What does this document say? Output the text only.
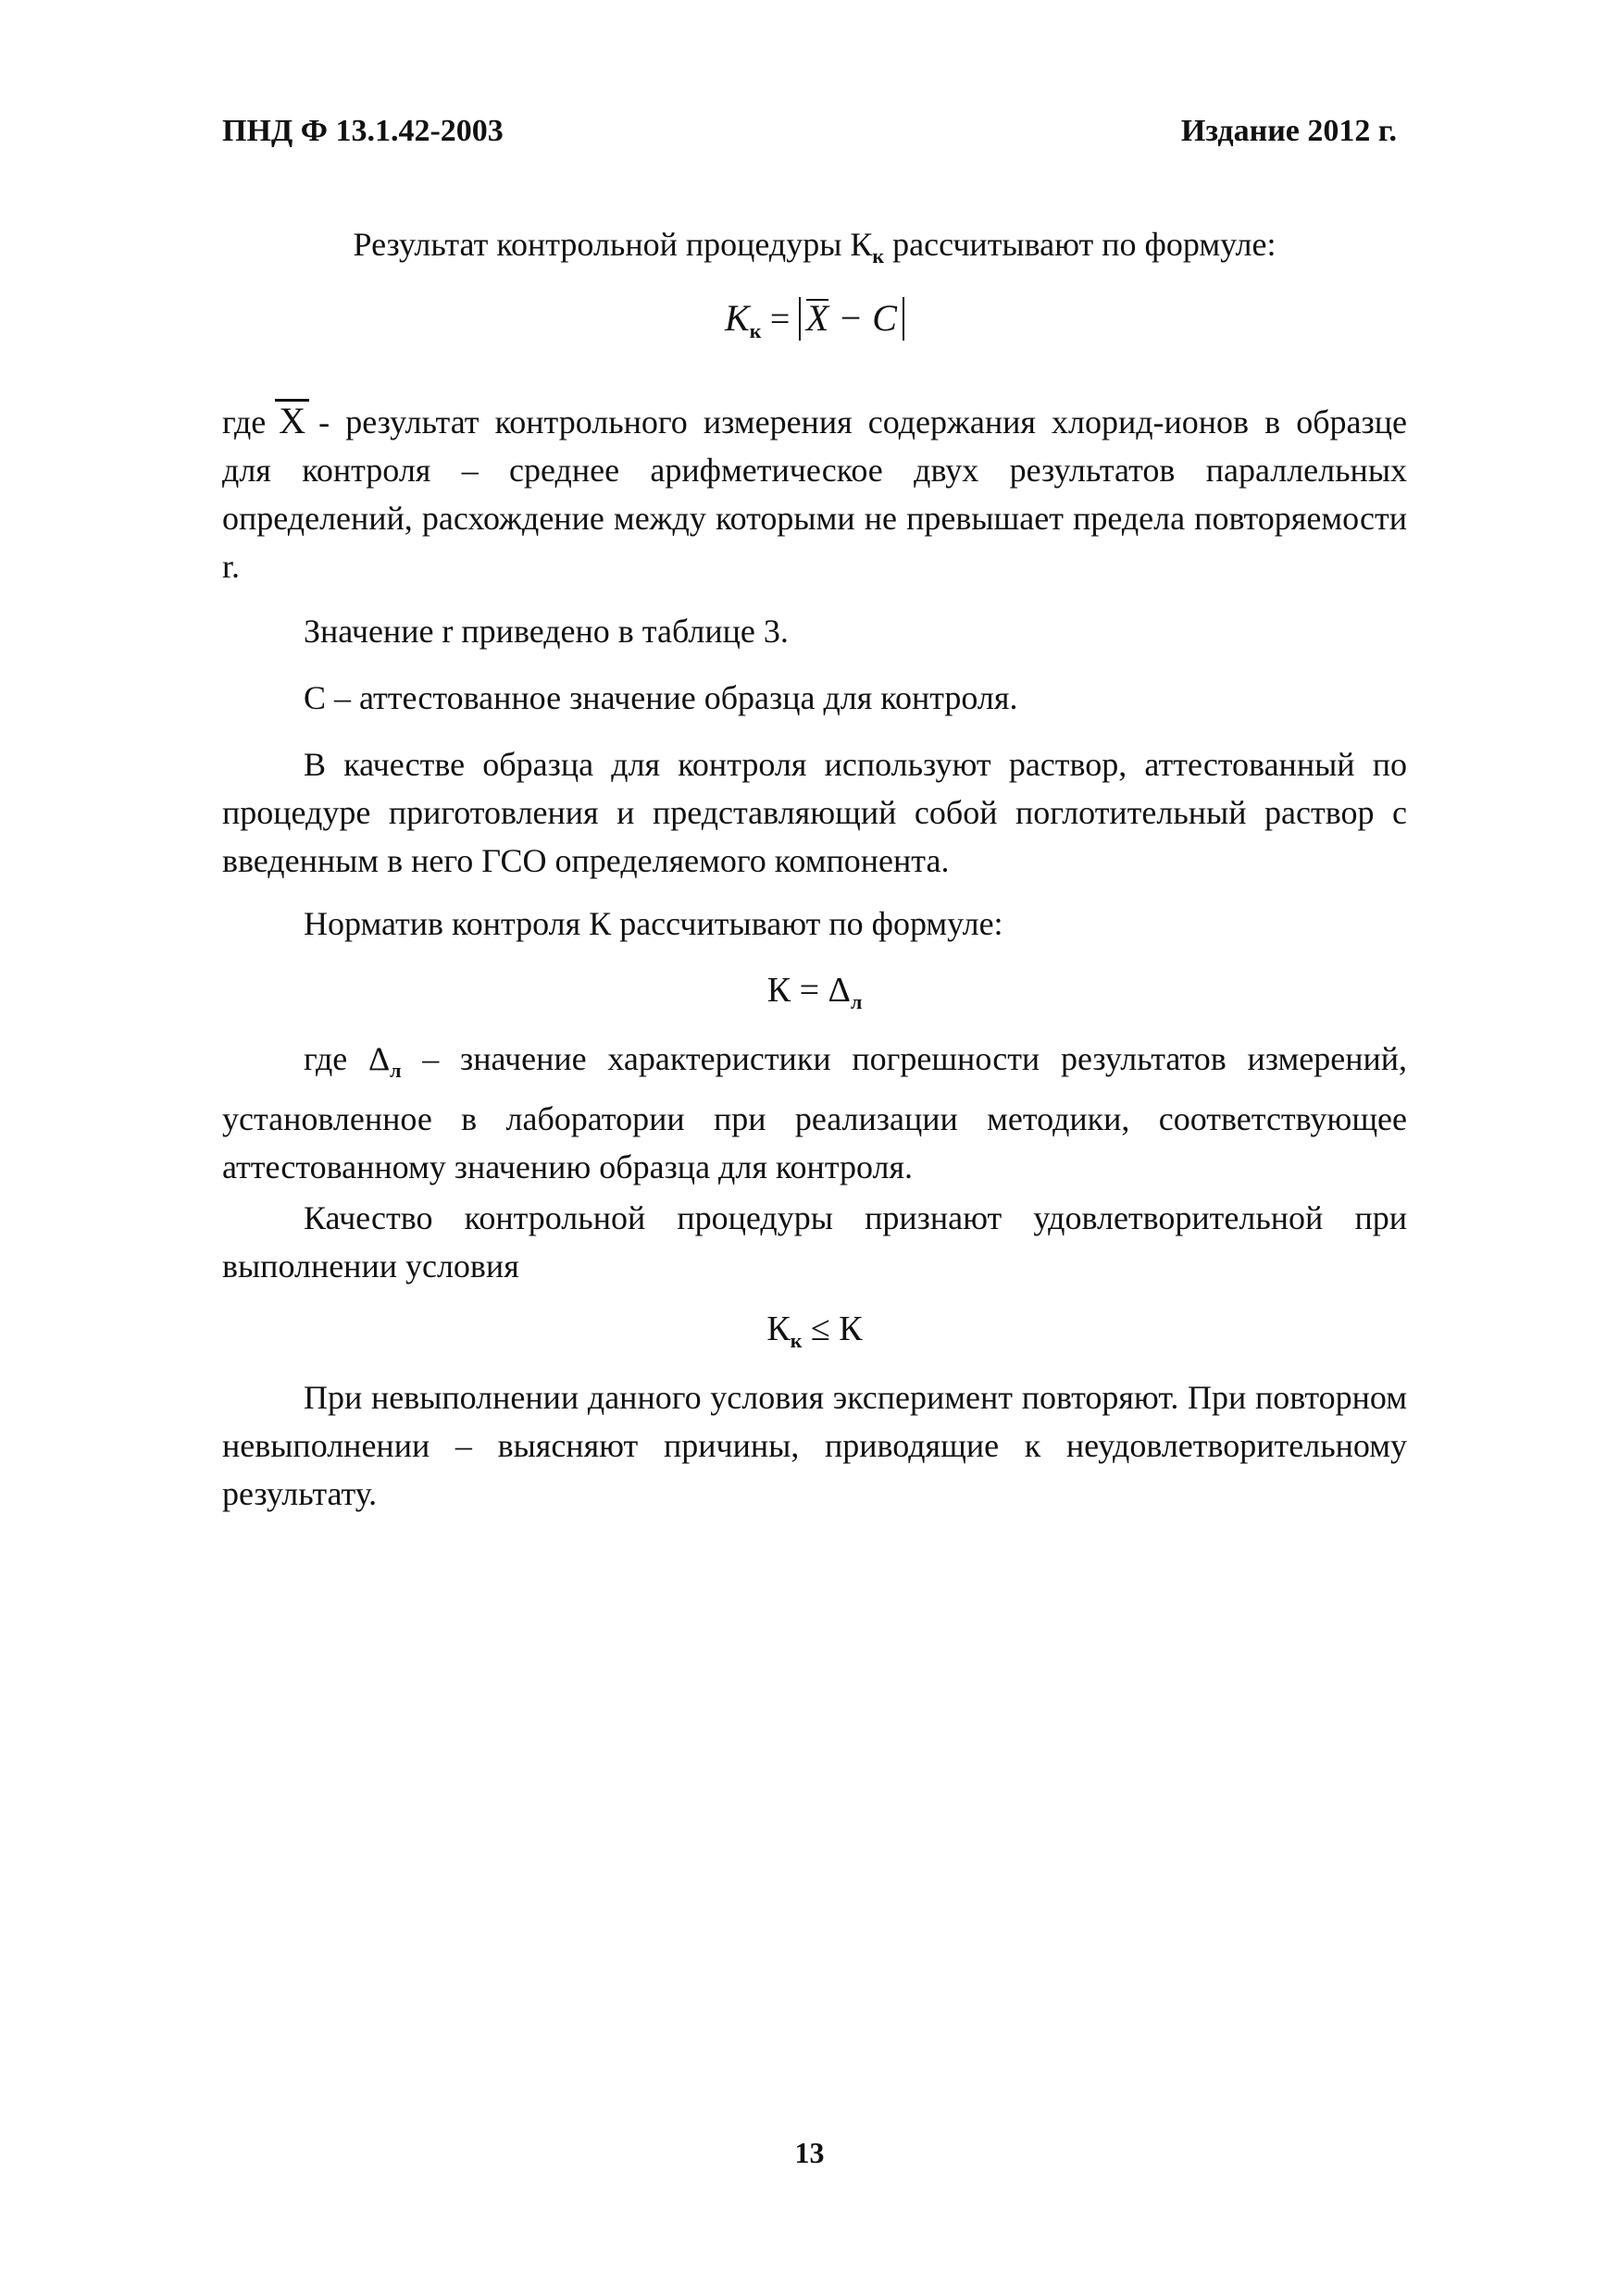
ПНД Ф 13.1.42-2003	Издание 2012 г.
Результат контрольной процедуры $К_к$ рассчитывают по формуле:
$K_к = X - C$
где X - результат контрольного измерения содержания хлорид-ионов в образце для контроля – среднее арифметическое двух результатов параллельных определений, расхождение между которыми не превышает предела повторяемости r.
Значение r приведено в таблице 3.
С – аттестованное значение образца для контроля.
В качестве образца для контроля используют раствор, аттестованный по процедуре приготовления и представляющий собой поглотительный раствор с введенным в него ГСО определяемого компонента.
Норматив контроля К рассчитывают по формуле:
$К = \Delta_л$
где $\Delta_л$ – значение характеристики погрешности результатов измерений, установленное в лаборатории при реализации методики, соответствующее аттестованному значению образца для контроля.
Качество контрольной процедуры признают удовлетворительной при выполнении условия
$К_к \le К$
При невыполнении данного условия эксперимент повторяют. При повторном невыполнении – выясняют причины, приводящие к неудовлетворительному результату.
13
